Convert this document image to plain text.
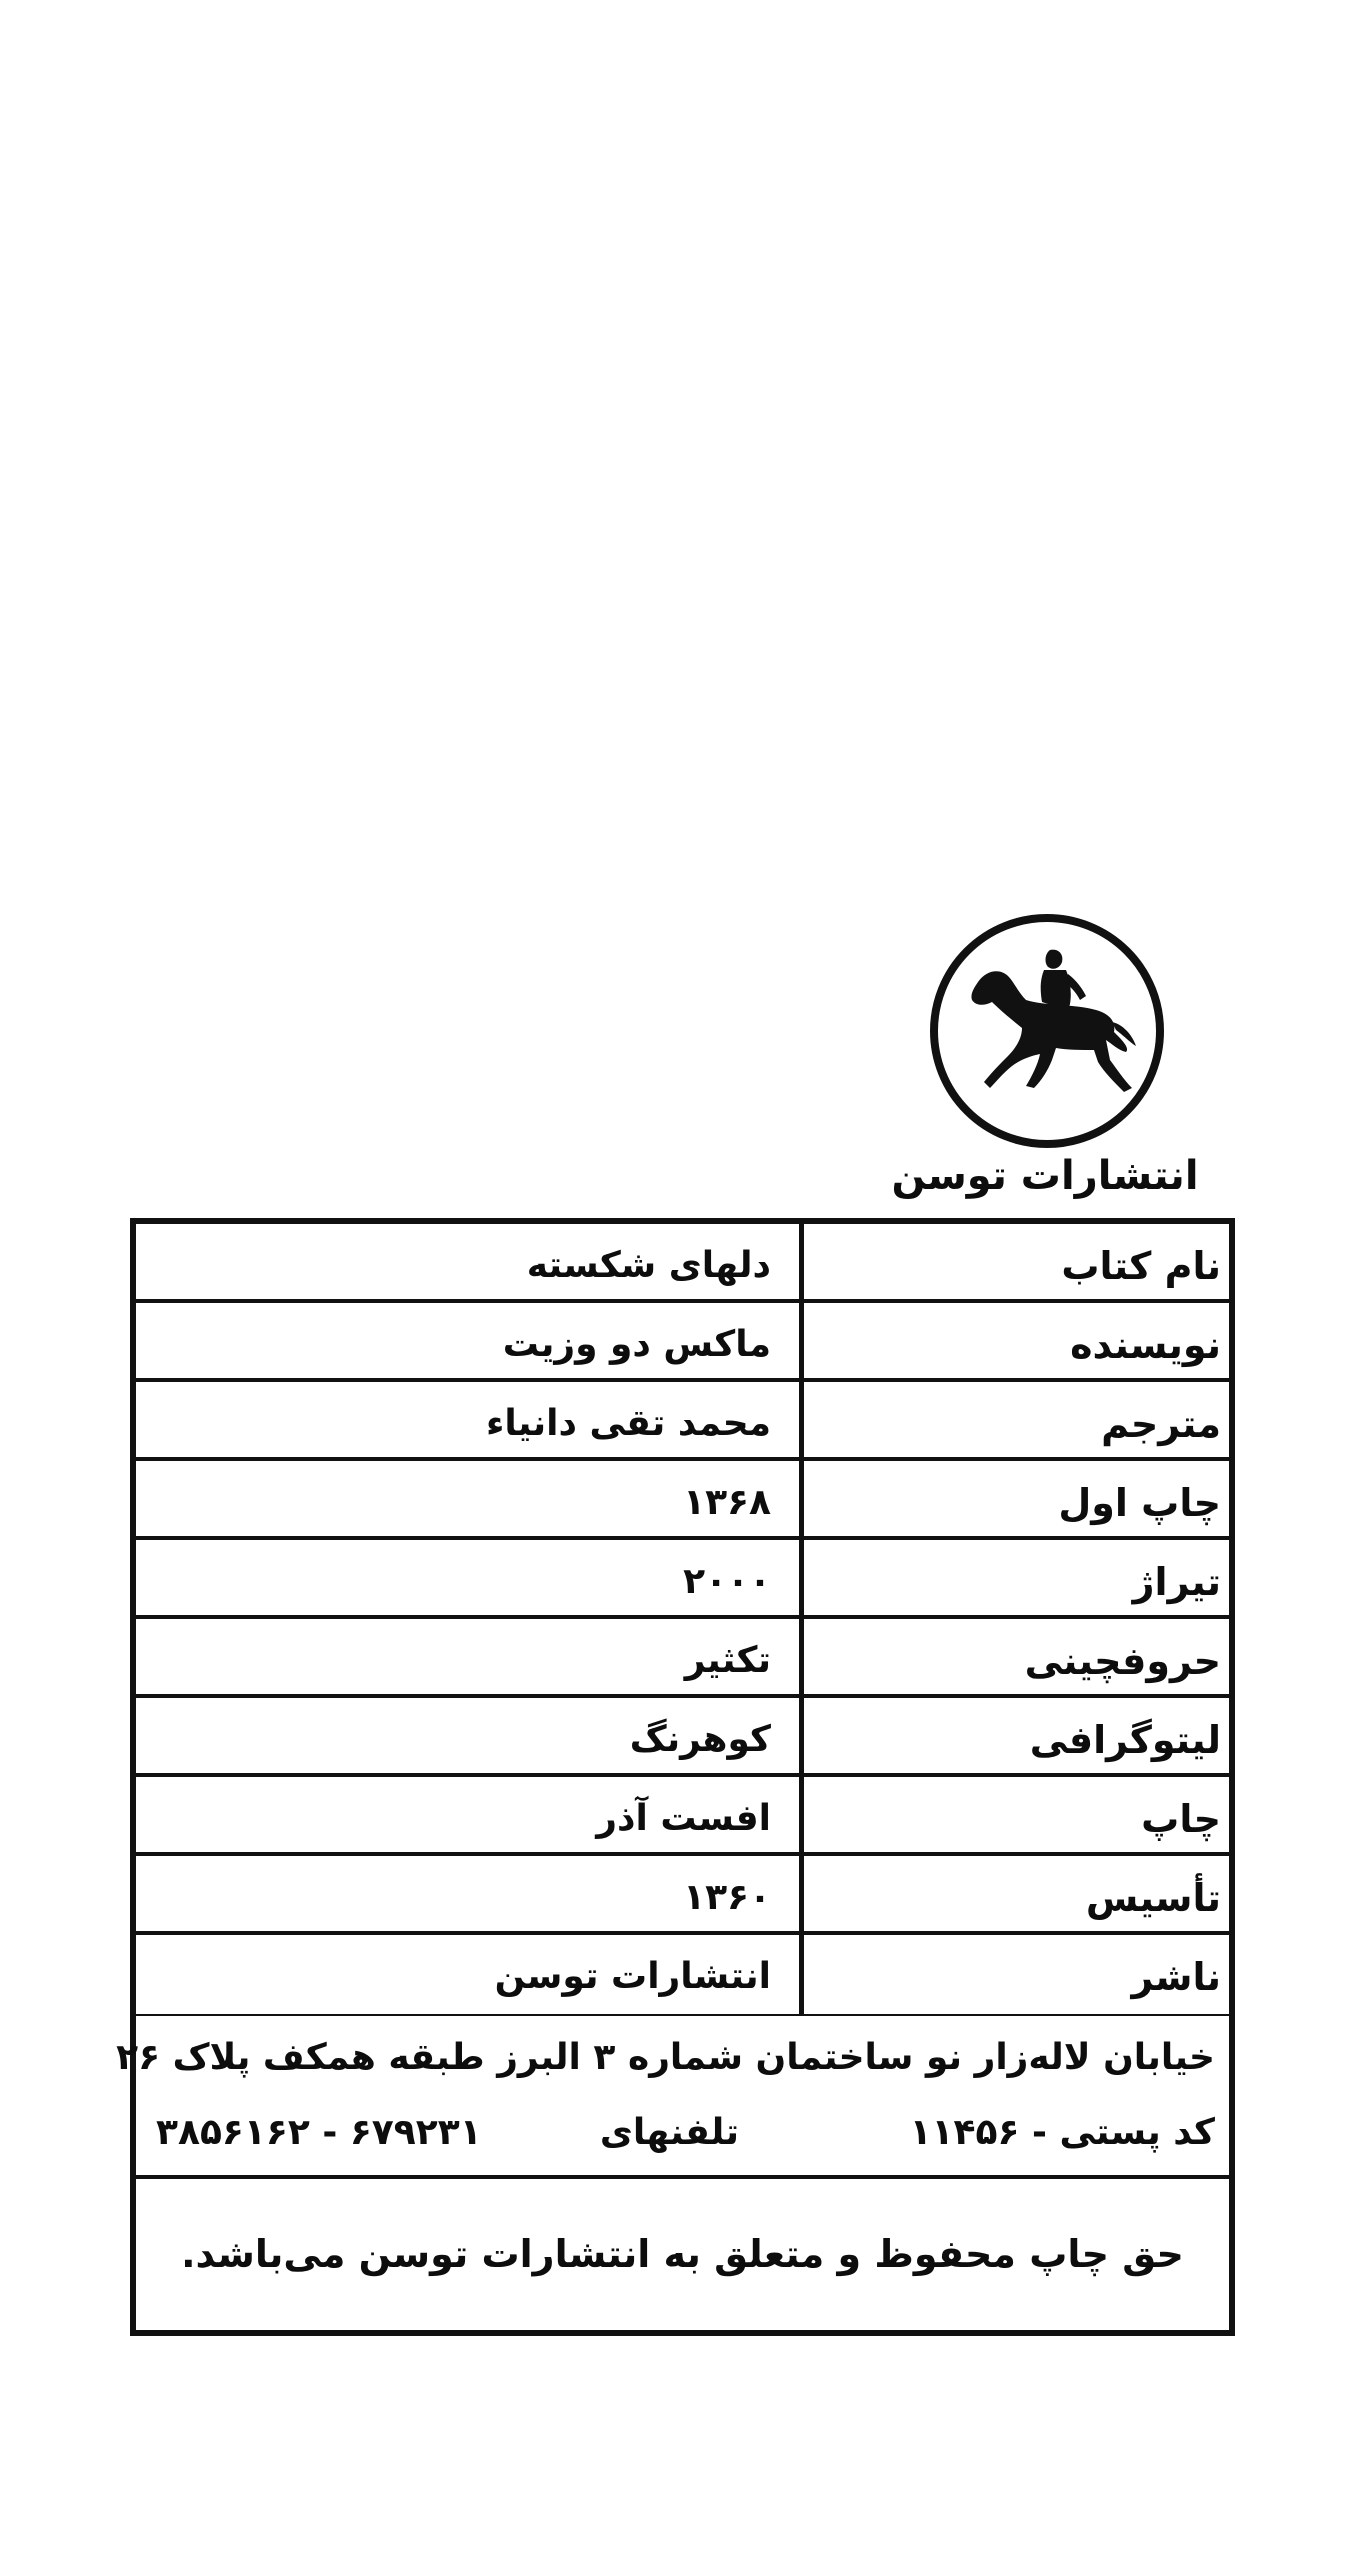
انتشارات توسن
نام کتاب
دلهای شکسته
نویسنده
ماکس دو وزیت
مترجم
محمد تقی دانیاء
چاپ اول
۱۳۶۸
تیراژ
۲۰۰۰
حروفچینی
تکثیر
لیتوگرافی
کوهرنگ
چاپ
افست آذر
تأسیس
۱۳۶۰
ناشر
انتشارات توسن
خیابان لاله‌زار نو ساختمان شماره ۳ البرز طبقه همکف پلاک ۲۶
کد پستی - ۱۱۴۵۶
تلفنهای
۶۷۹۲۳۱ - ۳۸۵۶۱۶۲
حق چاپ محفوظ و متعلق به انتشارات توسن می‌باشد.
